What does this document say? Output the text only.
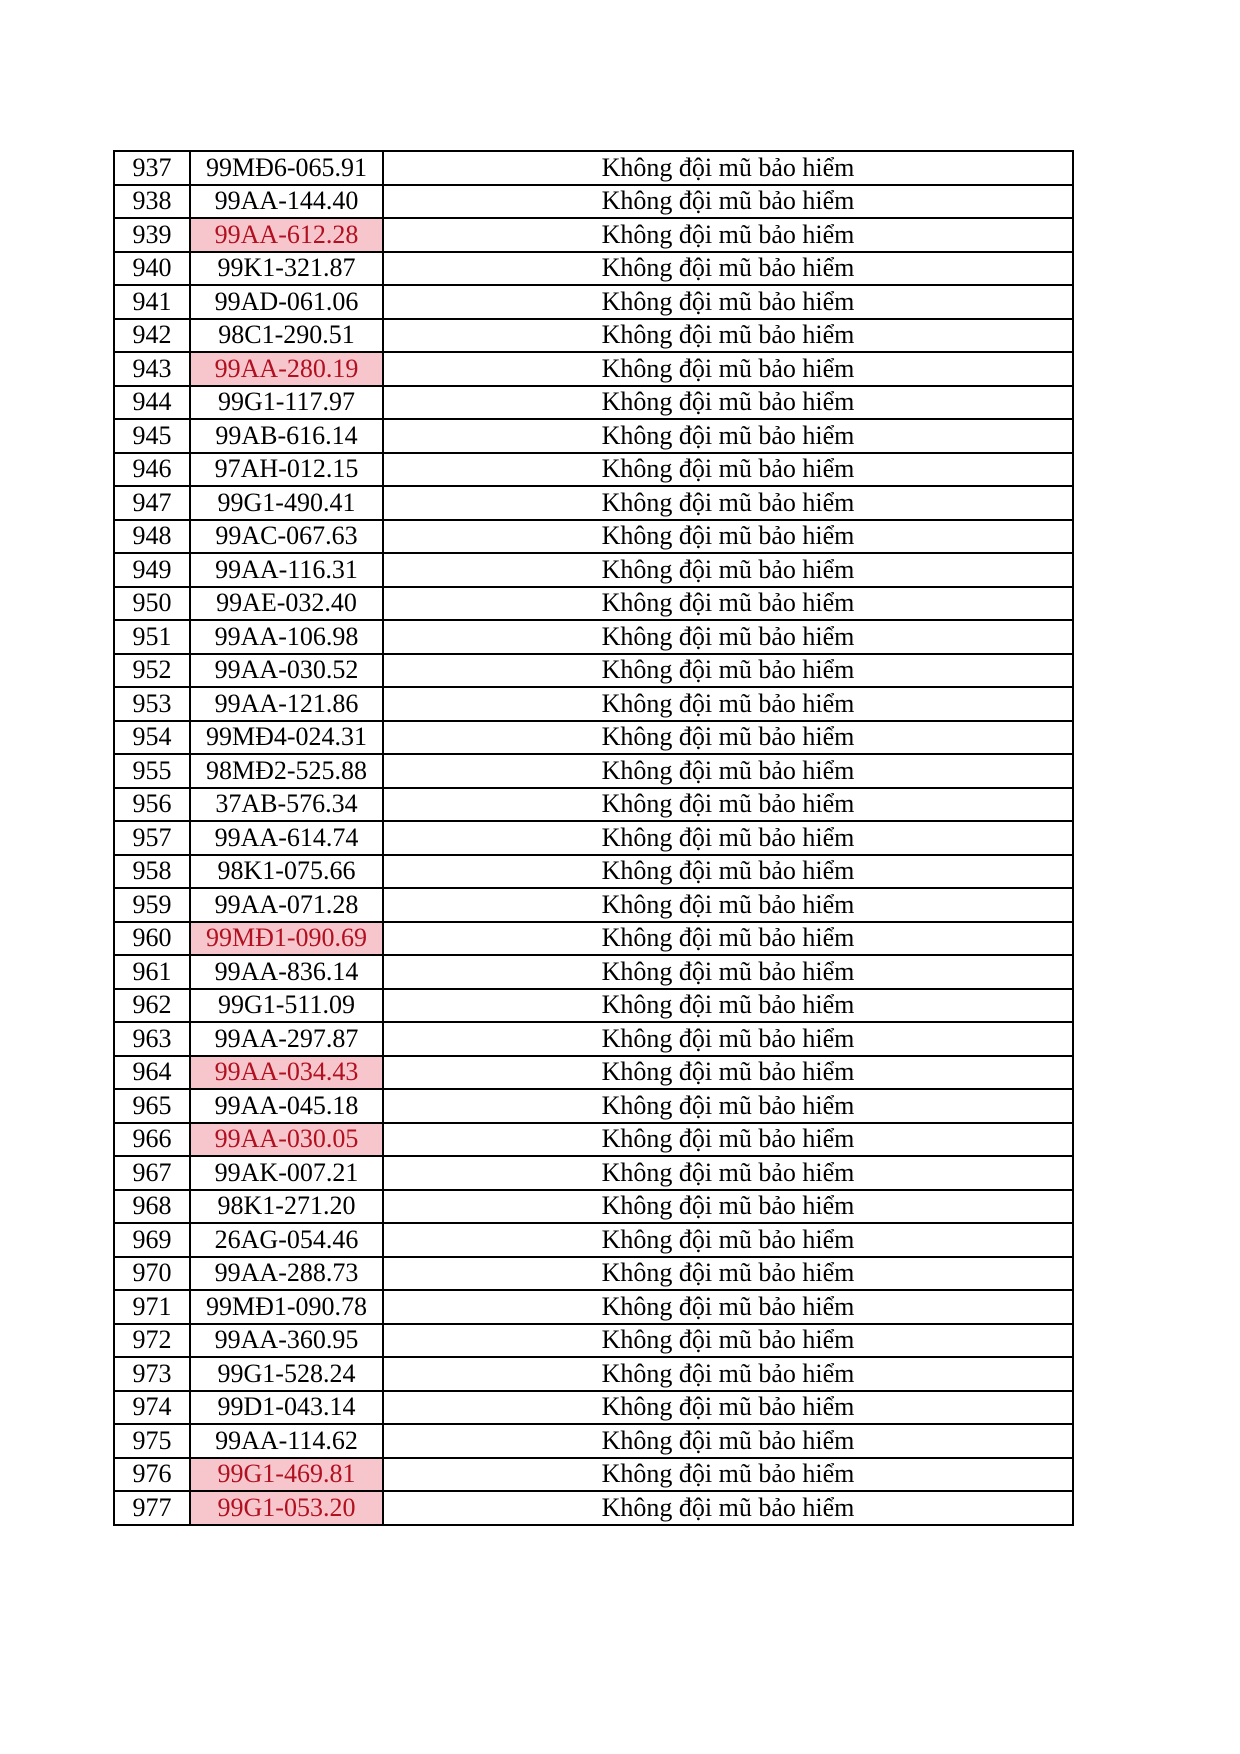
937	99MĐ6-065.91	Không đội mũ bảo hiểm
938	99AA-144.40	Không đội mũ bảo hiểm
939	99AA-612.28	Không đội mũ bảo hiểm
940	99K1-321.87	Không đội mũ bảo hiểm
941	99AD-061.06	Không đội mũ bảo hiểm
942	98C1-290.51	Không đội mũ bảo hiểm
943	99AA-280.19	Không đội mũ bảo hiểm
944	99G1-117.97	Không đội mũ bảo hiểm
945	99AB-616.14	Không đội mũ bảo hiểm
946	97AH-012.15	Không đội mũ bảo hiểm
947	99G1-490.41	Không đội mũ bảo hiểm
948	99AC-067.63	Không đội mũ bảo hiểm
949	99AA-116.31	Không đội mũ bảo hiểm
950	99AE-032.40	Không đội mũ bảo hiểm
951	99AA-106.98	Không đội mũ bảo hiểm
952	99AA-030.52	Không đội mũ bảo hiểm
953	99AA-121.86	Không đội mũ bảo hiểm
954	99MĐ4-024.31	Không đội mũ bảo hiểm
955	98MĐ2-525.88	Không đội mũ bảo hiểm
956	37AB-576.34	Không đội mũ bảo hiểm
957	99AA-614.74	Không đội mũ bảo hiểm
958	98K1-075.66	Không đội mũ bảo hiểm
959	99AA-071.28	Không đội mũ bảo hiểm
960	99MĐ1-090.69	Không đội mũ bảo hiểm
961	99AA-836.14	Không đội mũ bảo hiểm
962	99G1-511.09	Không đội mũ bảo hiểm
963	99AA-297.87	Không đội mũ bảo hiểm
964	99AA-034.43	Không đội mũ bảo hiểm
965	99AA-045.18	Không đội mũ bảo hiểm
966	99AA-030.05	Không đội mũ bảo hiểm
967	99AK-007.21	Không đội mũ bảo hiểm
968	98K1-271.20	Không đội mũ bảo hiểm
969	26AG-054.46	Không đội mũ bảo hiểm
970	99AA-288.73	Không đội mũ bảo hiểm
971	99MĐ1-090.78	Không đội mũ bảo hiểm
972	99AA-360.95	Không đội mũ bảo hiểm
973	99G1-528.24	Không đội mũ bảo hiểm
974	99D1-043.14	Không đội mũ bảo hiểm
975	99AA-114.62	Không đội mũ bảo hiểm
976	99G1-469.81	Không đội mũ bảo hiểm
977	99G1-053.20	Không đội mũ bảo hiểm
